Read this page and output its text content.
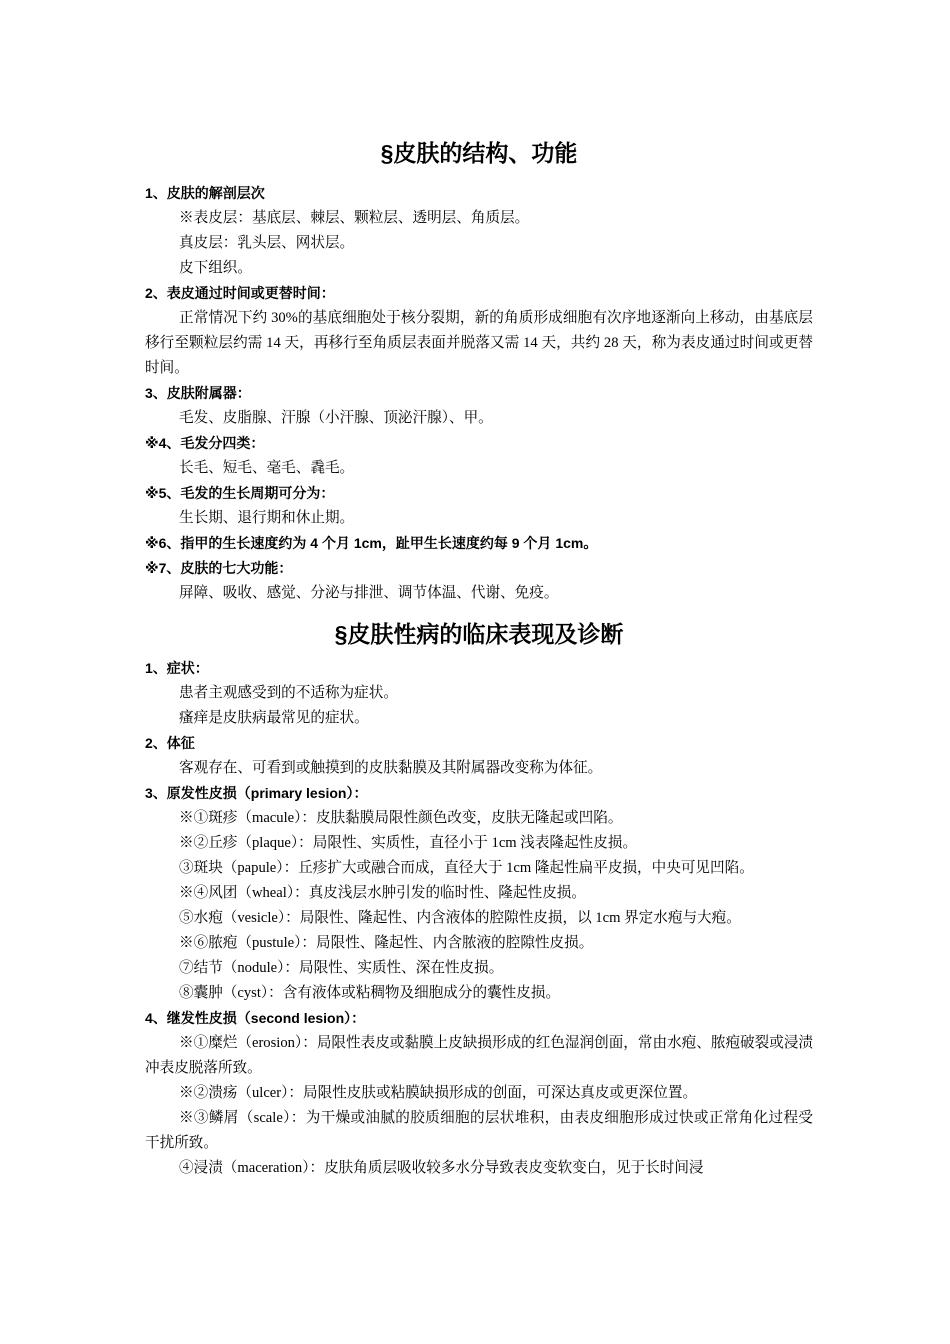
§皮肤的结构、功能
1、皮肤的解剖层次

※表皮层：基底层、棘层、颗粒层、透明层、角质层。

真皮层：乳头层、网状层。

皮下组织。

2、表皮通过时间或更替时间：

正常情况下约 30%的基底细胞处于核分裂期，新的角质形成细胞有次序地逐渐向上移动，由基底层移行至颗粒层约需 14 天，再移行至角质层表面并脱落又需 14 天，共约 28 天，称为表皮通过时间或更替时间。

3、皮肤附属器：

毛发、皮脂腺、汗腺（小汗腺、顶泌汗腺）、甲。

※4、毛发分四类：

长毛、短毛、毫毛、毳毛。

※5、毛发的生长周期可分为：

生长期、退行期和休止期。

※6、指甲的生长速度约为 4 个月 1cm，趾甲生长速度约每 9 个月 1cm。
※7、皮肤的七大功能：

屏障、吸收、感觉、分泌与排泄、调节体温、代谢、免疫。

§皮肤性病的临床表现及诊断
1、症状：

患者主观感受到的不适称为症状。

瘙痒是皮肤病最常见的症状。

2、体征

客观存在、可看到或触摸到的皮肤黏膜及其附属器改变称为体征。

3、原发性皮损（primary lesion）：

※①斑疹（macule）：皮肤黏膜局限性颜色改变，皮肤无隆起或凹陷。

※②丘疹（plaque）：局限性、实质性，直径小于 1cm 浅表隆起性皮损。

③斑块（papule）：丘疹扩大或融合而成，直径大于 1cm 隆起性扁平皮损，中央可见凹陷。

※④风团（wheal）：真皮浅层水肿引发的临时性、隆起性皮损。

⑤水疱（vesicle）：局限性、隆起性、内含液体的腔隙性皮损，以 1cm 界定水疱与大疱。

※⑥脓疱（pustule）：局限性、隆起性、内含脓液的腔隙性皮损。

⑦结节（nodule）：局限性、实质性、深在性皮损。

⑧囊肿（cyst）：含有液体或粘稠物及细胞成分的囊性皮损。

4、继发性皮损（second lesion）：

※①糜烂（erosion）：局限性表皮或黏膜上皮缺损形成的红色湿润创面，常由水疱、脓疱破裂或浸渍冲表皮脱落所致。

※②溃疡（ulcer）：局限性皮肤或粘膜缺损形成的创面，可深达真皮或更深位置。

※③鳞屑（scale）：为干燥或油腻的胶质细胞的层状堆积，由表皮细胞形成过快或正常角化过程受干扰所致。

④浸渍（maceration）：皮肤角质层吸收较多水分导致表皮变软变白，见于长时间浸
